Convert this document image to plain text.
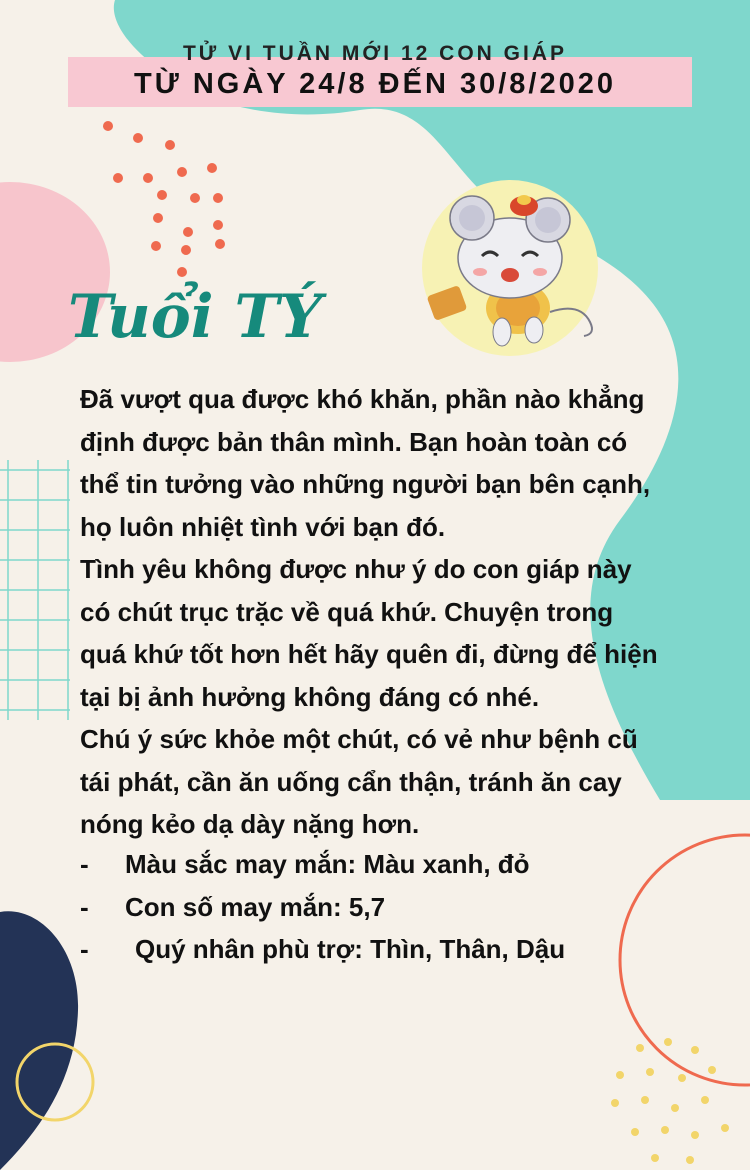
TỬ VI TUẦN MỚI 12 CON GIÁP
TỪ NGÀY 24/8 ĐẾN 30/8/2020
Tuổi TÝ

Đã vượt qua được khó khăn, phần nào khẳng

định được bản thân mình. Bạn hoàn toàn có

thể tin tưởng vào những người bạn bên cạnh,

họ luôn nhiệt tình với bạn đó.

Tình yêu không được như ý do con giáp này

có chút trục trặc về quá khứ. Chuyện trong

quá khứ tốt hơn hết hãy quên đi, đừng để hiện

tại bị ảnh hưởng không đáng có nhé.

Chú ý sức khỏe một chút, có vẻ như bệnh cũ

tái phát, cần ăn uống cẩn thận, tránh ăn cay

nóng kẻo dạ dày nặng hơn.

-	Màu sắc may mắn: Màu xanh, đỏ
-	Con số may mắn: 5,7
-	Quý nhân phù trợ: Thìn, Thân, Dậu
